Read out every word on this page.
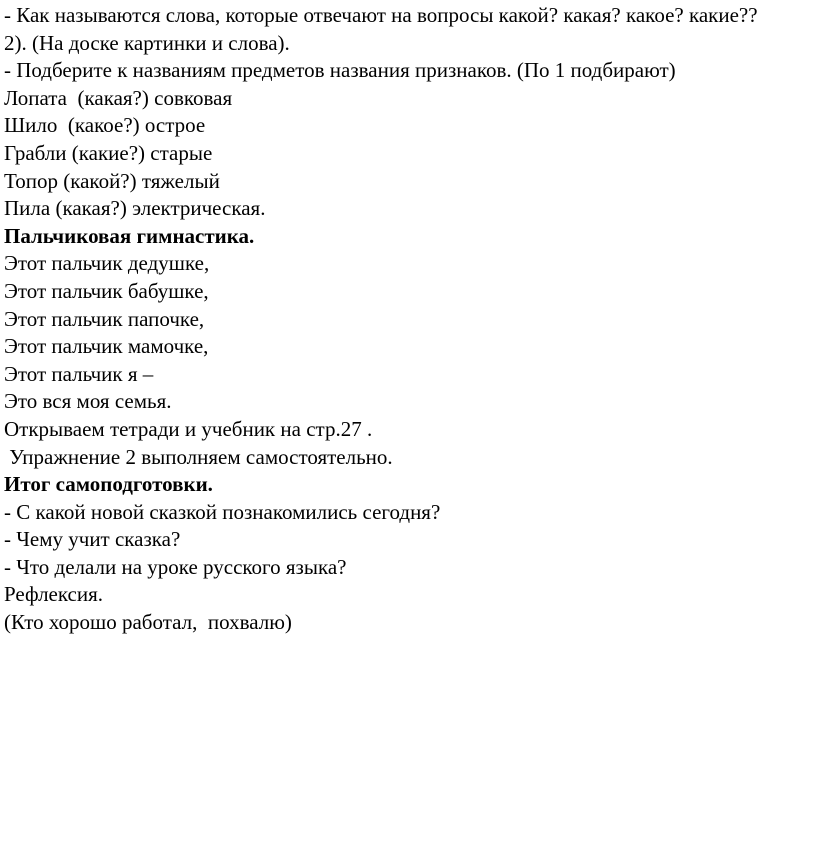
- Как называются слова, которые отвечают на вопросы какой? какая? какое? какие??

2). (На доске картинки и слова).

- Подберите к названиям предметов названия признаков. (По 1 подбирают)

Лопата  (какая?) совковая

Шило  (какое?) острое

Грабли (какие?) старые

Топор (какой?) тяжелый

Пила (какая?) электрическая.

Пальчиковая гимнастика.

Этот пальчик дедушке,

Этот пальчик бабушке,

Этот пальчик папочке,

Этот пальчик мамочке,

Этот пальчик я –

Это вся моя семья.

Открываем тетради и учебник на стр.27 .

Упражнение 2 выполняем самостоятельно.

Итог самоподготовки.

- С какой новой сказкой познакомились сегодня?

- Чему учит сказка?

- Что делали на уроке русского языка?

Рефлексия.

(Кто хорошо работал,  похвалю)
